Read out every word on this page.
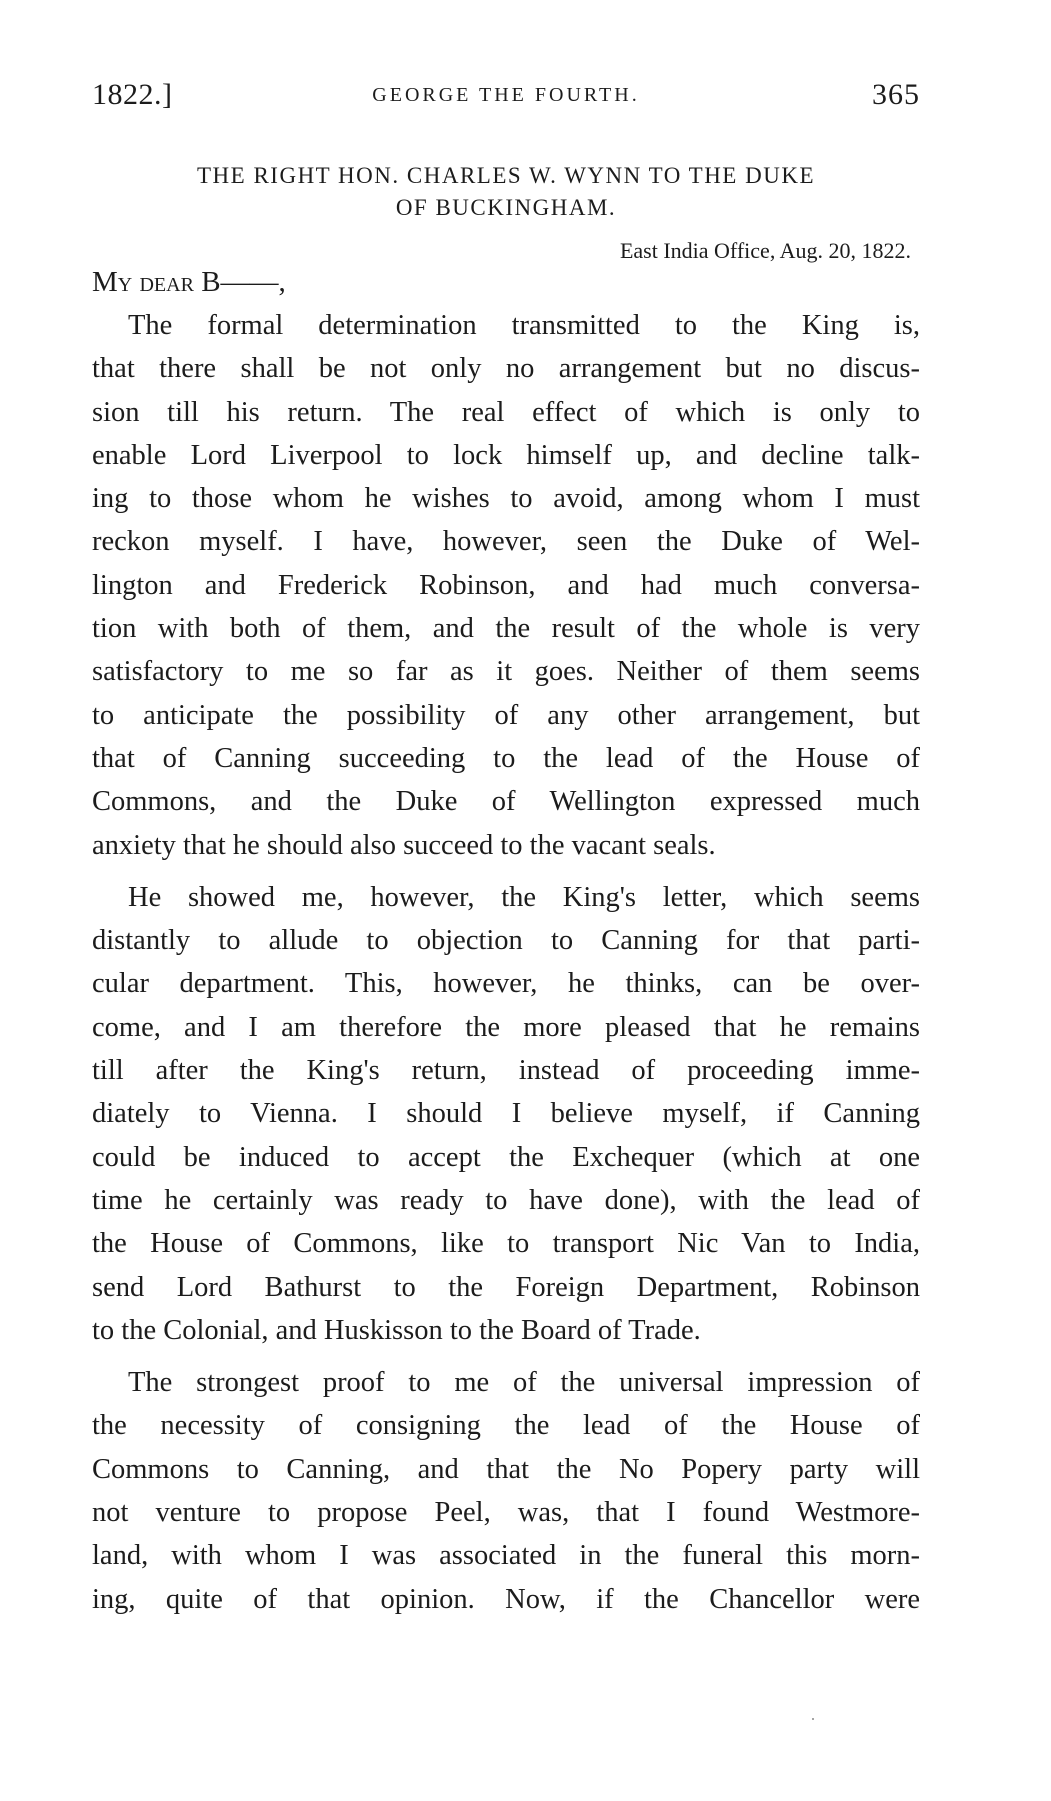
1822.]	GEORGE THE FOURTH.	365
THE RIGHT HON. CHARLES W. WYNN TO THE DUKE
OF BUCKINGHAM.
East India Office, Aug. 20, 1822.
My dear B——,
The formal determination transmitted to the King is,
that there shall be not only no arrangement but no discus-
sion till his return. The real effect of which is only to
enable Lord Liverpool to lock himself up, and decline talk-
ing to those whom he wishes to avoid, among whom I must
reckon myself. I have, however, seen the Duke of Wel-
lington and Frederick Robinson, and had much conversa-
tion with both of them, and the result of the whole is very
satisfactory to me so far as it goes. Neither of them seems
to anticipate the possibility of any other arrangement, but
that of Canning succeeding to the lead of the House of
Commons, and the Duke of Wellington expressed much
anxiety that he should also succeed to the vacant seals.
He showed me, however, the King's letter, which seems
distantly to allude to objection to Canning for that parti-
cular department. This, however, he thinks, can be over-
come, and I am therefore the more pleased that he remains
till after the King's return, instead of proceeding imme-
diately to Vienna. I should I believe myself, if Canning
could be induced to accept the Exchequer (which at one
time he certainly was ready to have done), with the lead of
the House of Commons, like to transport Nic Van to India,
send Lord Bathurst to the Foreign Department, Robinson
to the Colonial, and Huskisson to the Board of Trade.
The strongest proof to me of the universal impression of
the necessity of consigning the lead of the House of
Commons to Canning, and that the No Popery party will
not venture to propose Peel, was, that I found Westmore-
land, with whom I was associated in the funeral this morn-
ing, quite of that opinion. Now, if the Chancellor were
